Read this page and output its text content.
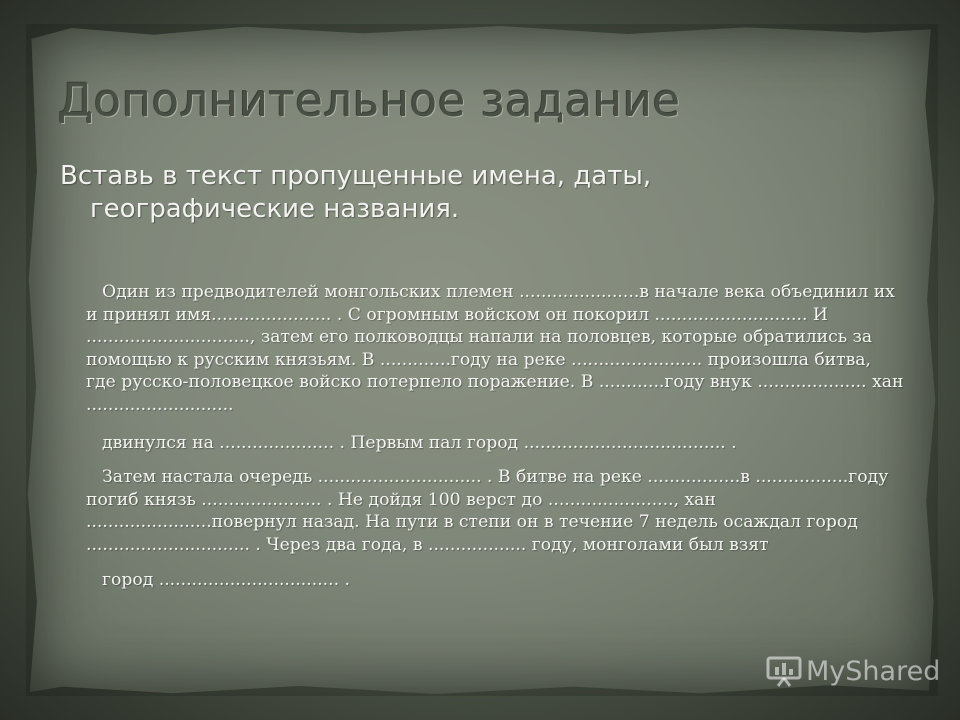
Дополнительное задание
Вставь в текст пропущенные имена, даты,
географические названия.

Один из предводителей монгольских племен ......................в начале века объединил их и принял имя...................... . С огромным войском он покорил ............................ И .............................., затем его полководцы напали на половцев, которые обратились за помощью к русским князьям. В .............году на реке ........................ произошла битва, где русско-половецкое войско потерпело поражение. В ............году внук .................... хан ...........................

двинулся на ..................... . Первым пал город ..................................... .

Затем настала очередь .............................. . В битве на реке .................в .................году погиб князь ...................... . Не дойдя 100 верст до ......................., хан .......................повернул назад. На пути в степи он в течение 7 недель осаждал город .............................. . Через два года, в .................. году, монголами был взят

город ................................. .

MyShared
